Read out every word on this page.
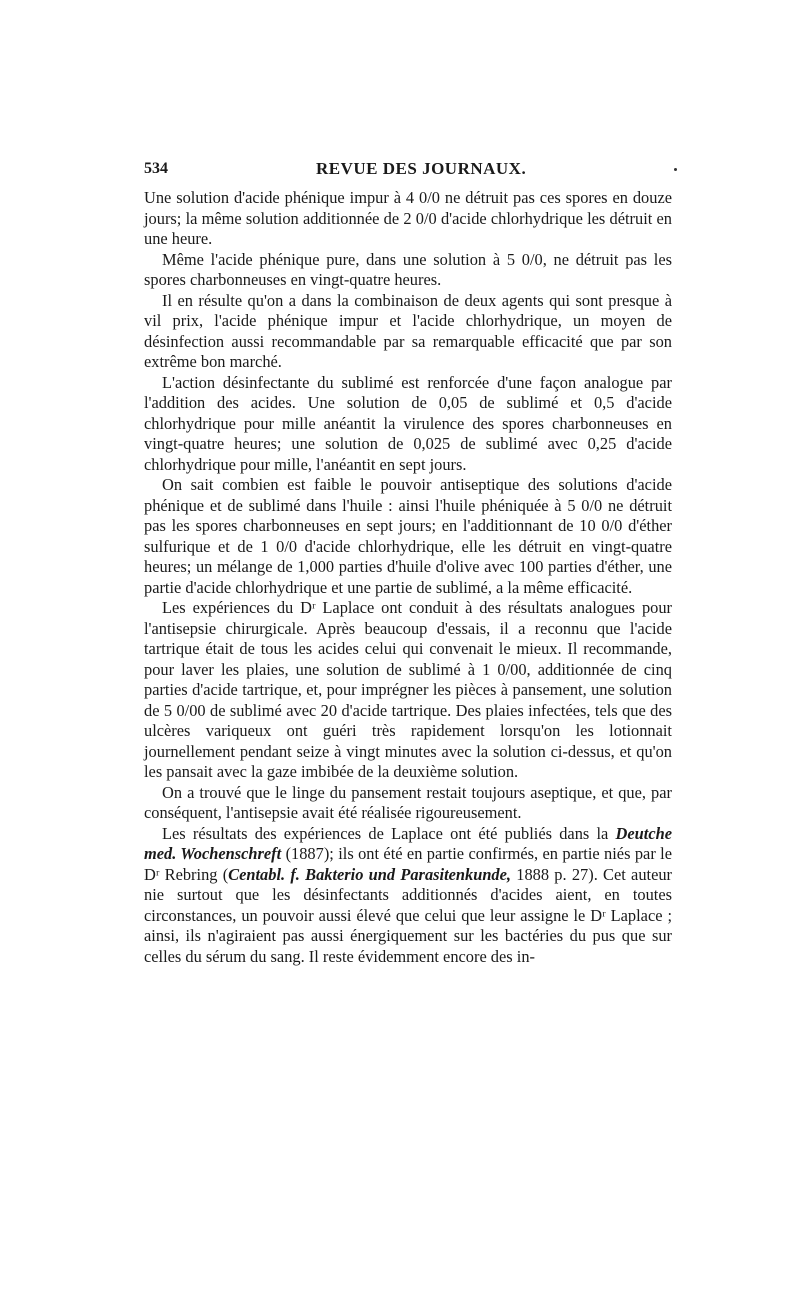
534	REVUE DES JOURNAUX.

Une solution d'acide phénique impur à 4 0/0 ne détruit pas ces spores en douze jours; la même solution additionnée de 2 0/0 d'acide chlorhydrique les détruit en une heure.

Même l'acide phénique pure, dans une solution à 5 0/0, ne détruit pas les spores charbonneuses en vingt-quatre heures.

Il en résulte qu'on a dans la combinaison de deux agents qui sont presque à vil prix, l'acide phénique impur et l'acide chlorhydrique, un moyen de désinfection aussi recommandable par sa remarquable efficacité que par son extrême bon marché.

L'action désinfectante du sublimé est renforcée d'une façon analogue par l'addition des acides. Une solution de 0,05 de sublimé et 0,5 d'acide chlorhydrique pour mille anéantit la virulence des spores charbonneuses en vingt-quatre heures; une solution de 0,025 de sublimé avec 0,25 d'acide chlorhydrique pour mille, l'anéantit en sept jours.

On sait combien est faible le pouvoir antiseptique des solutions d'acide phénique et de sublimé dans l'huile : ainsi l'huile phéniquée à 5 0/0 ne détruit pas les spores charbonneuses en sept jours; en l'additionnant de 10 0/0 d'éther sulfurique et de 1 0/0 d'acide chlorhydrique, elle les détruit en vingt-quatre heures; un mélange de 1,000 parties d'huile d'olive avec 100 parties d'éther, une partie d'acide chlorhydrique et une partie de sublimé, a la même efficacité.

Les expériences du Dʳ Laplace ont conduit à des résultats analogues pour l'antisepsie chirurgicale. Après beaucoup d'essais, il a reconnu que l'acide tartrique était de tous les acides celui qui convenait le mieux. Il recommande, pour laver les plaies, une solution de sublimé à 1 0/00, additionnée de cinq parties d'acide tartrique, et, pour imprégner les pièces à pansement, une solution de 5 0/00 de sublimé avec 20 d'acide tartrique. Des plaies infectées, tels que des ulcères variqueux ont guéri très rapidement lorsqu'on les lotionnait journellement pendant seize à vingt minutes avec la solution ci-dessus, et qu'on les pansait avec la gaze imbibée de la deuxième solution.

On a trouvé que le linge du pansement restait toujours aseptique, et que, par conséquent, l'antisepsie avait été réalisée rigoureusement.

Les résultats des expériences de Laplace ont été publiés dans la Deutche med. Wochenschreft (1887); ils ont été en partie confirmés, en partie niés par le Dʳ Rebring (Centabl. f. Bakterio und Parasitenkunde, 1888 p. 27). Cet auteur nie surtout que les désinfectants additionnés d'acides aient, en toutes circonstances, un pouvoir aussi élevé que celui que leur assigne le Dʳ Laplace ; ainsi, ils n'agiraient pas aussi énergiquement sur les bactéries du pus que sur celles du sérum du sang. Il reste évidemment encore des in-
